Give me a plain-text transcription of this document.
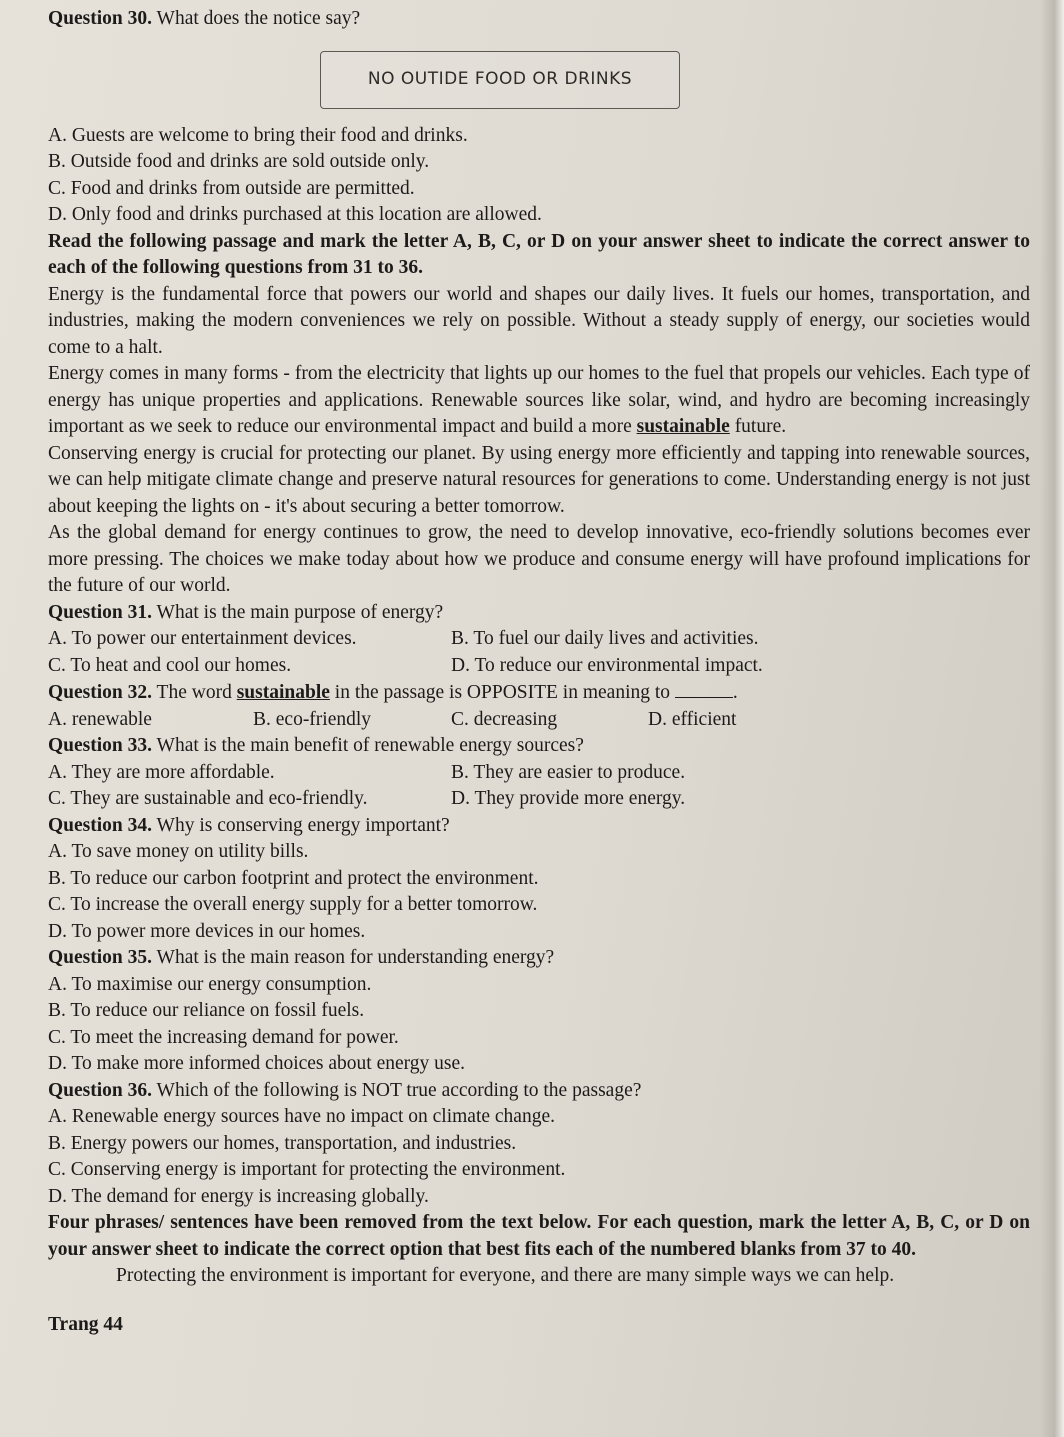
Question 30. What does the notice say?
NO OUTIDE FOOD OR DRINKS
A. Guests are welcome to bring their food and drinks.
B. Outside food and drinks are sold outside only.
C. Food and drinks from outside are permitted.
D. Only food and drinks purchased at this location are allowed.
Read the following passage and mark the letter A, B, C, or D on your answer sheet to indicate the correct answer to each of the following questions from 31 to 36.
Energy is the fundamental force that powers our world and shapes our daily lives. It fuels our homes, transportation, and industries, making the modern conveniences we rely on possible. Without a steady supply of energy, our societies would come to a halt.
Energy comes in many forms - from the electricity that lights up our homes to the fuel that propels our vehicles. Each type of energy has unique properties and applications. Renewable sources like solar, wind, and hydro are becoming increasingly important as we seek to reduce our environmental impact and build a more sustainable future.
Conserving energy is crucial for protecting our planet. By using energy more efficiently and tapping into renewable sources, we can help mitigate climate change and preserve natural resources for generations to come. Understanding energy is not just about keeping the lights on - it's about securing a better tomorrow.
As the global demand for energy continues to grow, the need to develop innovative, eco-friendly solutions becomes ever more pressing. The choices we make today about how we produce and consume energy will have profound implications for the future of our world.
Question 31. What is the main purpose of energy?
A. To power our entertainment devices.	B. To fuel our daily lives and activities.
C. To heat and cool our homes.	D. To reduce our environmental impact.
Question 32. The word sustainable in the passage is OPPOSITE in meaning to	.
A. renewable	B. eco-friendly	C. decreasing	D. efficient
Question 33. What is the main benefit of renewable energy sources?
A. They are more affordable.	B. They are easier to produce.
C. They are sustainable and eco-friendly.	D. They provide more energy.
Question 34. Why is conserving energy important?
A. To save money on utility bills.
B. To reduce our carbon footprint and protect the environment.
C. To increase the overall energy supply for a better tomorrow.
D. To power more devices in our homes.
Question 35. What is the main reason for understanding energy?
A. To maximise our energy consumption.
B. To reduce our reliance on fossil fuels.
C. To meet the increasing demand for power.
D. To make more informed choices about energy use.
Question 36. Which of the following is NOT true according to the passage?
A. Renewable energy sources have no impact on climate change.
B. Energy powers our homes, transportation, and industries.
C. Conserving energy is important for protecting the environment.
D. The demand for energy is increasing globally.
Four phrases/ sentences have been removed from the text below. For each question, mark the letter A, B, C, or D on your answer sheet to indicate the correct option that best fits each of the numbered blanks from 37 to 40.
Protecting the environment is important for everyone, and there are many simple ways we can help.
Trang 44
